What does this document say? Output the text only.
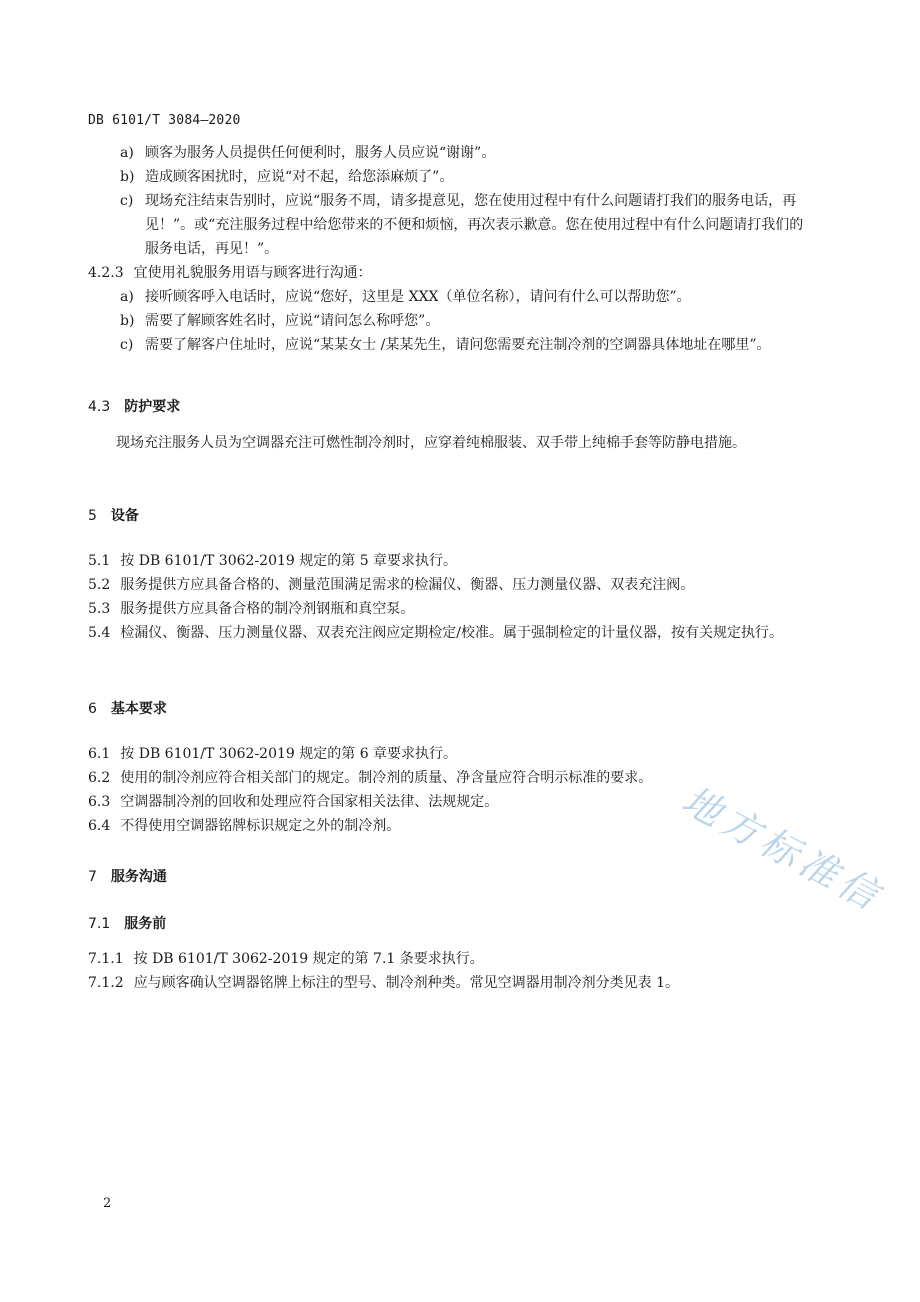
DB 6101/T 3084—2020
a) 顾客为服务人员提供任何便利时，服务人员应说“谢谢”。
b) 造成顾客困扰时，应说“对不起，给您添麻烦了”。
c) 现场充注结束告别时，应说“服务不周，请多提意见，您在使用过程中有什么问题请打我们的服务电话，再见！”。或“充注服务过程中给您带来的不便和烦恼，再次表示歉意。您在使用过程中有什么问题请打我们的服务电话，再见！”。
4.2.3 宜使用礼貌服务用语与顾客进行沟通：
a) 接听顾客呼入电话时，应说“您好，这里是 XXX（单位名称），请问有什么可以帮助您”。
b) 需要了解顾客姓名时，应说“请问怎么称呼您”。
c) 需要了解客户住址时，应说“某某女士 /某某先生，请问您需要充注制冷剂的空调器具体地址在哪里”。
4.3 防护要求
现场充注服务人员为空调器充注可燃性制冷剂时，应穿着纯棉服装、双手带上纯棉手套等防静电措施。
5 设备
5.1 按 DB 6101/T 3062-2019 规定的第 5 章要求执行。
5.2 服务提供方应具备合格的、测量范围满足需求的检漏仪、衡器、压力测量仪器、双表充注阀。
5.3 服务提供方应具备合格的制冷剂钢瓶和真空泵。
5.4 检漏仪、衡器、压力测量仪器、双表充注阀应定期检定/校准。属于强制检定的计量仪器，按有关规定执行。
6 基本要求
6.1 按 DB 6101/T 3062-2019 规定的第 6 章要求执行。
6.2 使用的制冷剂应符合相关部门的规定。制冷剂的质量、净含量应符合明示标准的要求。
6.3 空调器制冷剂的回收和处理应符合国家相关法律、法规规定。
6.4 不得使用空调器铭牌标识规定之外的制冷剂。
7 服务沟通
7.1 服务前
7.1.1 按 DB 6101/T 3062-2019 规定的第 7.1 条要求执行。
7.1.2 应与顾客确认空调器铭牌上标注的型号、制冷剂种类。常见空调器用制冷剂分类见表 1。
地方标准信
2
